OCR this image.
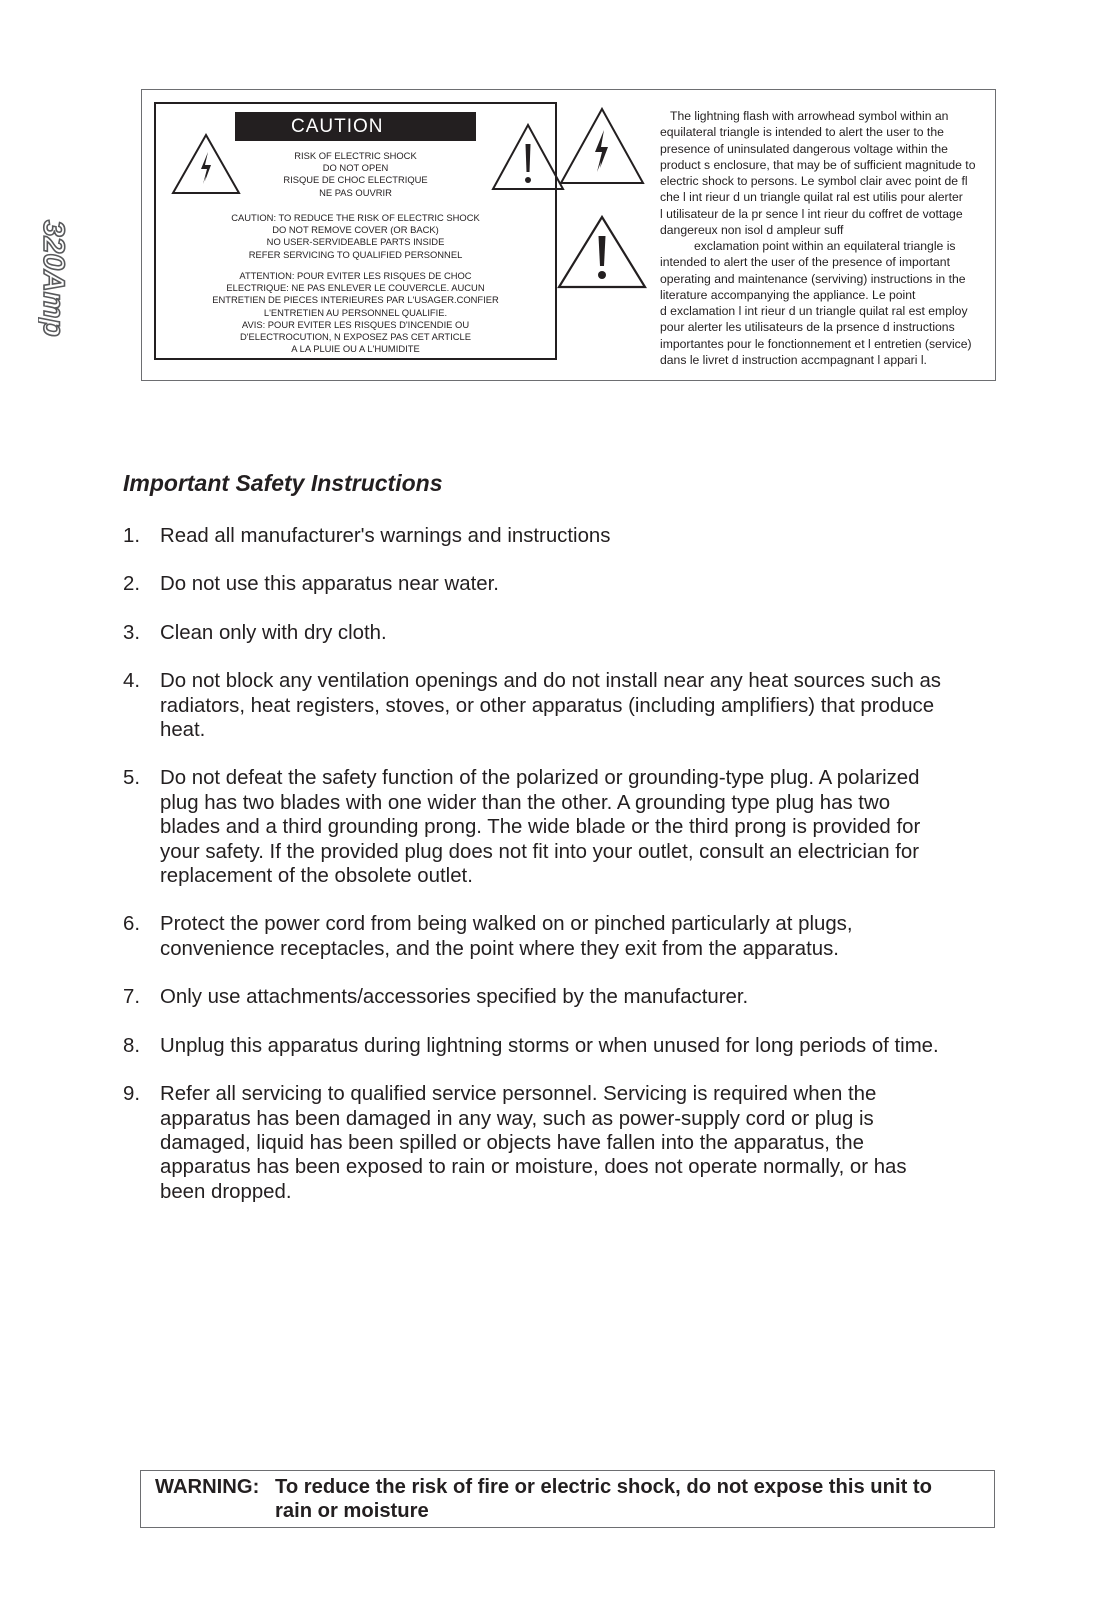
320Amp
CAUTION
RISK OF ELECTRIC SHOCK
DO NOT OPEN
RISQUE DE CHOC ELECTRIQUE
NE PAS OUVRIR
CAUTION: TO REDUCE THE RISK OF ELECTRIC SHOCK
DO NOT REMOVE COVER (OR BACK)
NO USER-SERVIDEABLE PARTS INSIDE
REFER SERVICING TO QUALIFIED PERSONNEL
ATTENTION: POUR EVITER LES RISQUES DE CHOC
ELECTRIQUE: NE PAS ENLEVER LE COUVERCLE. AUCUN
ENTRETIEN DE PIECES INTERIEURES PAR L'USAGER.CONFIER
L'ENTRETIEN AU PERSONNEL QUALIFIE.
AVIS: POUR EVITER LES RISQUES D'INCENDIE OU
D'ELECTROCUTION, N EXPOSEZ PAS CET ARTICLE
A LA PLUIE OU A L'HUMIDITE
The lightning flash with arrowhead symbol within an
equilateral triangle is intended to alert the user to the
presence of uninsulated dangerous voltage within the
product s enclosure, that may be of sufficient magnitude to
electric shock to persons. Le symbol clair avec point de fl
che l int rieur d un triangle quilat ral est utilis pour alerter
l utilisateur de la pr sence l int rieur du coffret de vottage
dangereux non isol d ampleur suff
exclamation point within an equilateral triangle is
intended to alert the user of the presence of important
operating and maintenance (serviving) instructions in the
literature accompanying the appliance. Le point
d exclamation l int rieur d un triangle quilat ral est employ
pour alerter les utilisateurs de la prsence d instructions
importantes pour le fonctionnement et l entretien (service)
dans le livret d instruction accmpagnant l appari l.
Important Safety Instructions
1. Read all manufacturer's warnings and instructions
2. Do not use this apparatus near water.
3. Clean only with dry cloth.
4. Do not block any ventilation openings and do not install near any heat sources such as
radiators, heat registers, stoves, or other apparatus (including amplifiers) that produce
heat.
5. Do not defeat the safety function of the polarized or grounding-type plug. A polarized
plug has two blades with one wider than the other. A grounding type plug has two
blades and a third grounding prong. The wide blade or the third prong is provided for
your safety. If the provided plug does not fit into your outlet, consult an electrician for
replacement of the obsolete outlet.
6. Protect the power cord from being walked on or pinched particularly at plugs,
convenience receptacles, and the point where they exit from the apparatus.
7. Only use attachments/accessories specified by the manufacturer.
8. Unplug this apparatus during lightning storms or when unused for long periods of time.
9. Refer all servicing to qualified service personnel. Servicing is required when the
apparatus has been damaged in any way, such as power-supply cord or plug is
damaged, liquid has been spilled or objects have fallen into the apparatus, the
apparatus has been exposed to rain or moisture, does not operate normally, or has
been dropped.
WARNING: To reduce the risk of fire or electric shock, do not expose this unit to
rain or moisture
